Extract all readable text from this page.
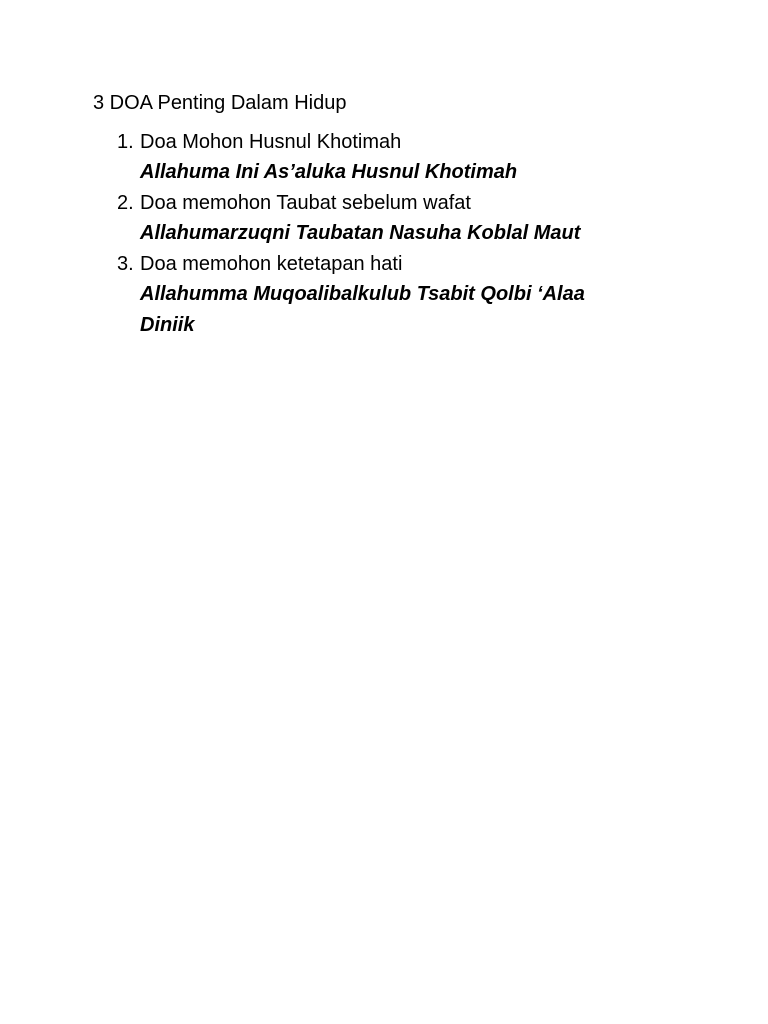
3 DOA Penting Dalam Hidup
1. Doa Mohon Husnul Khotimah
Allahuma Ini As’aluka Husnul Khotimah
2. Doa memohon Taubat sebelum wafat
Allahumarzuqni Taubatan Nasuha Koblal Maut
3. Doa memohon ketetapan hati
Allahumma Muqoalibalkulub Tsabit Qolbi ‘Alaa Diniik
